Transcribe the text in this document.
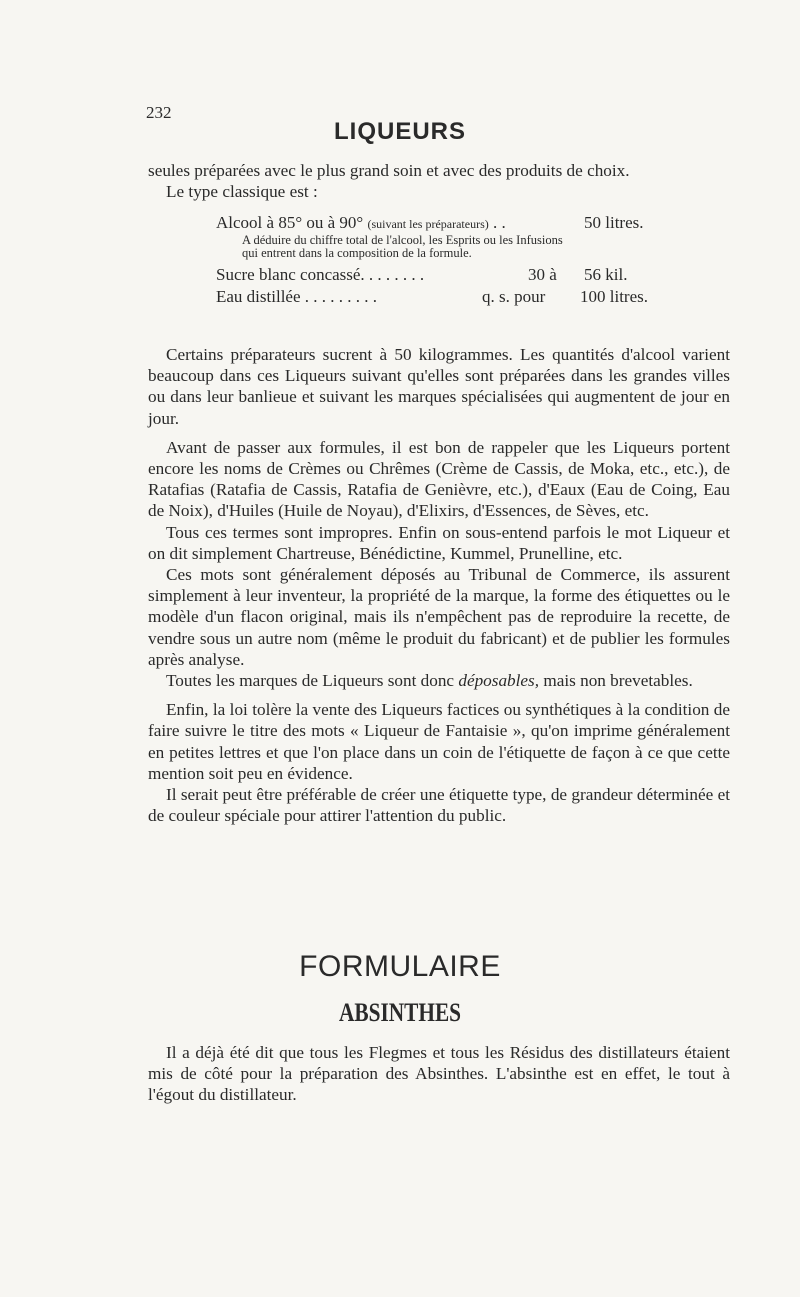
232
LIQUEURS

seules préparées avec le plus grand soin et avec des produits de choix.

Le type classique est :

Alcool à 85° ou à 90° (suivant les préparateurs) . .	50 litres.
A déduire du chiffre total de l'alcool, les Esprits ou les Infusions qui entrent dans la composition de la formule.
Sucre blanc concassé. . . . . . . .	30 à 56 kil.
Eau distillée . . . . . . . . .	q. s. pour 100 litres.

Certains préparateurs sucrent à 50 kilogrammes. Les quantités d'alcool varient beaucoup dans ces Liqueurs suivant qu'elles sont préparées dans les grandes villes ou dans leur banlieue et suivant les marques spécialisées qui augmentent de jour en jour.

Avant de passer aux formules, il est bon de rappeler que les Liqueurs portent encore les noms de Crèmes ou Chrêmes (Crème de Cassis, de Moka, etc., etc.), de Ratafias (Ratafia de Cassis, Ratafia de Genièvre, etc.), d'Eaux (Eau de Coing, Eau de Noix), d'Huiles (Huile de Noyau), d'Elixirs, d'Essences, de Sèves, etc.

Tous ces termes sont impropres. Enfin on sous-entend parfois le mot Liqueur et on dit simplement Chartreuse, Bénédictine, Kummel, Prunelline, etc.

Ces mots sont généralement déposés au Tribunal de Commerce, ils assurent simplement à leur inventeur, la propriété de la marque, la forme des étiquettes ou le modèle d'un flacon original, mais ils n'empêchent pas de reproduire la recette, de vendre sous un autre nom (même le produit du fabricant) et de publier les formules après analyse.

Toutes les marques de Liqueurs sont donc déposables, mais non brevetables.

Enfin, la loi tolère la vente des Liqueurs factices ou synthétiques à la condition de faire suivre le titre des mots « Liqueur de Fantaisie », qu'on imprime généralement en petites lettres et que l'on place dans un coin de l'étiquette de façon à ce que cette mention soit peu en évidence.

Il serait peut être préférable de créer une étiquette type, de grandeur déterminée et de couleur spéciale pour attirer l'attention du public.

FORMULAIRE
ABSINTHES

Il a déjà été dit que tous les Flegmes et tous les Résidus des distillateurs étaient mis de côté pour la préparation des Absinthes. L'absinthe est en effet, le tout à l'égout du distillateur.
